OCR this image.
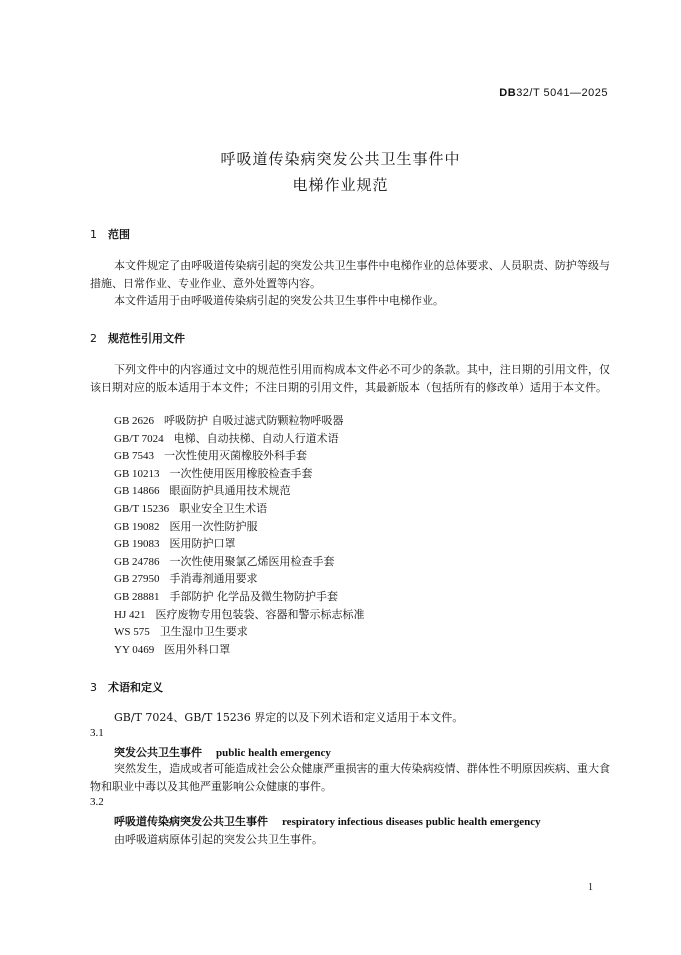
DB32/T 5041—2025
呼吸道传染病突发公共卫生事件中
电梯作业规范
1 范围
本文件规定了由呼吸道传染病引起的突发公共卫生事件中电梯作业的总体要求、人员职责、防护等级与措施、日常作业、专业作业、意外处置等内容。
本文件适用于由呼吸道传染病引起的突发公共卫生事件中电梯作业。
2 规范性引用文件
下列文件中的内容通过文中的规范性引用而构成本文件必不可少的条款。其中，注日期的引用文件，仅该日期对应的版本适用于本文件；不注日期的引用文件，其最新版本（包括所有的修改单）适用于本文件。
GB 2626 呼吸防护 自吸过滤式防颗粒物呼吸器
GB/T 7024 电梯、自动扶梯、自动人行道术语
GB 7543 一次性使用灭菌橡胶外科手套
GB 10213 一次性使用医用橡胶检查手套
GB 14866 眼面防护具通用技术规范
GB/T 15236 职业安全卫生术语
GB 19082 医用一次性防护服
GB 19083 医用防护口罩
GB 24786 一次性使用聚氯乙烯医用检查手套
GB 27950 手消毒剂通用要求
GB 28881 手部防护 化学品及微生物防护手套
HJ 421 医疗废物专用包装袋、容器和警示标志标准
WS 575 卫生湿巾卫生要求
YY 0469 医用外科口罩
3 术语和定义
GB/T 7024、GB/T 15236 界定的以及下列术语和定义适用于本文件。
3.1
突发公共卫生事件 public health emergency
突然发生，造成或者可能造成社会公众健康严重损害的重大传染病疫情、群体性不明原因疾病、重大食物和职业中毒以及其他严重影响公众健康的事件。
3.2
呼吸道传染病突发公共卫生事件 respiratory infectious diseases public health emergency
由呼吸道病原体引起的突发公共卫生事件。
1
